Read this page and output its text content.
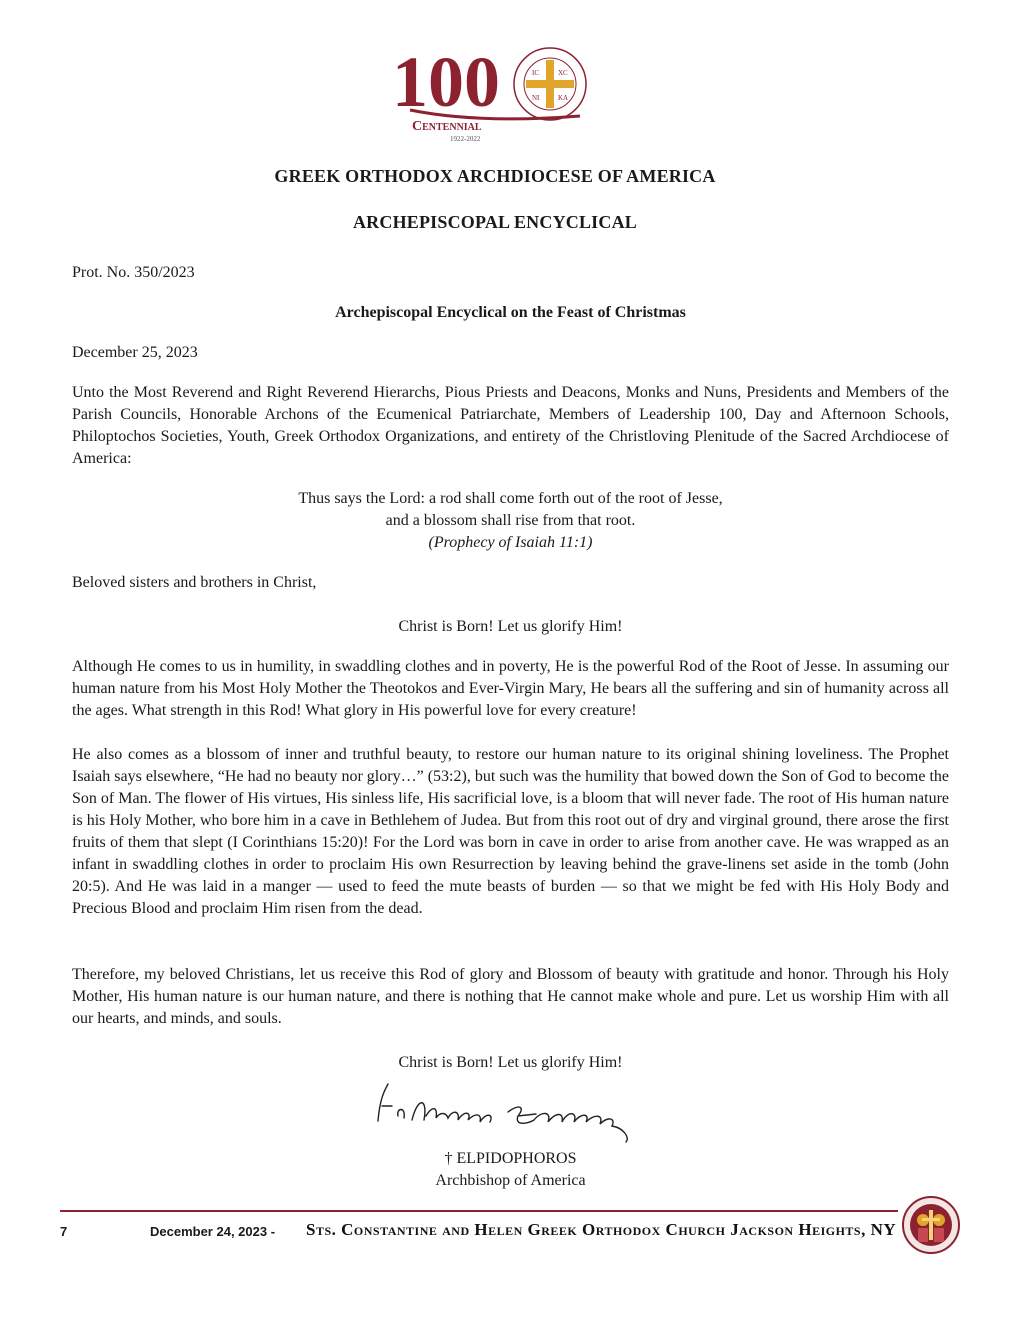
100
Centennial
1922-2022
IC	XC
NI	KA
GREEK ORTHODOX ARCHDIOCESE OF AMERICA
ARCHEPISCOPAL ENCYCLICAL
Prot. No. 350/2023
Archepiscopal Encyclical on the Feast of Christmas
December 25, 2023
Unto the Most Reverend and Right Reverend Hierarchs, Pious Priests and Deacons, Monks and Nuns, Presidents and Members of the Parish Councils, Honorable Archons of the Ecumenical Patriarchate, Members of Leadership 100, Day and Afternoon Schools, Philoptochos Societies, Youth, Greek Orthodox Organizations, and entirety of the Christloving Plenitude of the Sacred Archdiocese of America:
Thus says the Lord: a rod shall come forth out of the root of Jesse,
and a blossom shall rise from that root.
(Prophecy of Isaiah 11:1)
Beloved sisters and brothers in Christ,
Christ is Born! Let us glorify Him!
Although He comes to us in humility, in swaddling clothes and in poverty, He is the powerful Rod of the Root of Jesse. In assuming our human nature from his Most Holy Mother the Theotokos and Ever-Virgin Mary, He bears all the suffering and sin of humanity across all the ages. What strength in this Rod! What glory in His powerful love for every creature!
He also comes as a blossom of inner and truthful beauty, to restore our human nature to its original shining loveliness. The Prophet Isaiah says elsewhere, “He had no beauty nor glory…” (53:2), but such was the humility that bowed down the Son of God to become the Son of Man. The flower of His virtues, His sinless life, His sacrificial love, is a bloom that will never fade. The root of His human nature is his Holy Mother, who bore him in a cave in Bethlehem of Judea. But from this root out of dry and virginal ground, there arose the first fruits of them that slept (I Corinthians 15:20)! For the Lord was born in cave in order to arise from another cave. He was wrapped as an infant in swaddling clothes in order to proclaim His own Resurrection by leaving behind the grave-linens set aside in the tomb (John 20:5). And He was laid in a manger — used to feed the mute beasts of burden — so that we might be fed with His Holy Body and Precious Blood and proclaim Him risen from the dead.
Therefore, my beloved Christians, let us receive this Rod of glory and Blossom of beauty with gratitude and honor. Through his Holy Mother, His human nature is our human nature, and there is nothing that He cannot make whole and pure. Let us worship Him with all our hearts, and minds, and souls.
Christ is Born! Let us glorify Him!
† ELPIDOPHOROS
Archbishop of America
7	December 24, 2023 - Sts. Constantine and Helen Greek Orthodox Church Jackson Heights, NY
